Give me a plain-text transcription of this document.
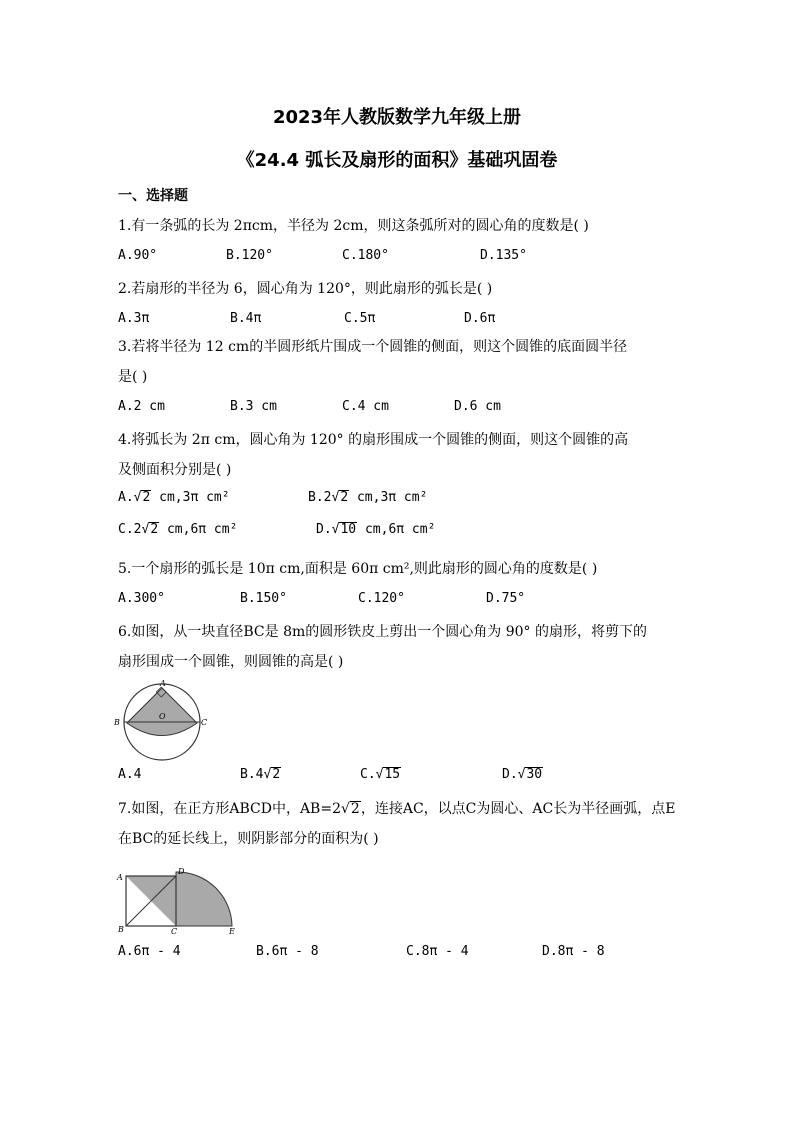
2023年人教版数学九年级上册
《24.4 弧长及扇形的面积》基础巩固卷
一、选择题
1.有一条弧的长为 2πcm，半径为 2cm，则这条弧所对的圆心角的度数是( )
A.90°	B.120°	C.180°	D.135°
2.若扇形的半径为 6，圆心角为 120°，则此扇形的弧长是( )
A.3π	B.4π	C.5π	D.6π
3.若将半径为 12 cm的半圆形纸片围成一个圆锥的侧面，则这个圆锥的底面圆半径
是( )
A.2 cm	B.3 cm	C.4 cm	D.6 cm
4.将弧长为 2π cm，圆心角为 120° 的扇形围成一个圆锥的侧面，则这个圆锥的高
及侧面积分别是( )
A.√2 cm,3π cm²	B.2√2 cm,3π cm²
C.2√2 cm,6π cm²	D.√10 cm,6π cm²
5.一个扇形的弧长是 10π cm,面积是 60π cm²,则此扇形的圆心角的度数是( )
A.300°	B.150°	C.120°	D.75°
6.如图，从一块直径BC是 8m的圆形铁皮上剪出一个圆心角为 90° 的扇形，将剪下的
扇形围成一个圆锥，则圆锥的高是( )
A
B	C
O
A.4	B.4√2	C.√15	D.√30
7.如图，在正方形ABCD中，AB=2√2，连接AC，以点C为圆心、AC长为半径画弧，点E
在BC的延长线上，则阴影部分的面积为( )
A
D
B	C	E
A.6π - 4	B.6π - 8	C.8π - 4	D.8π - 8
